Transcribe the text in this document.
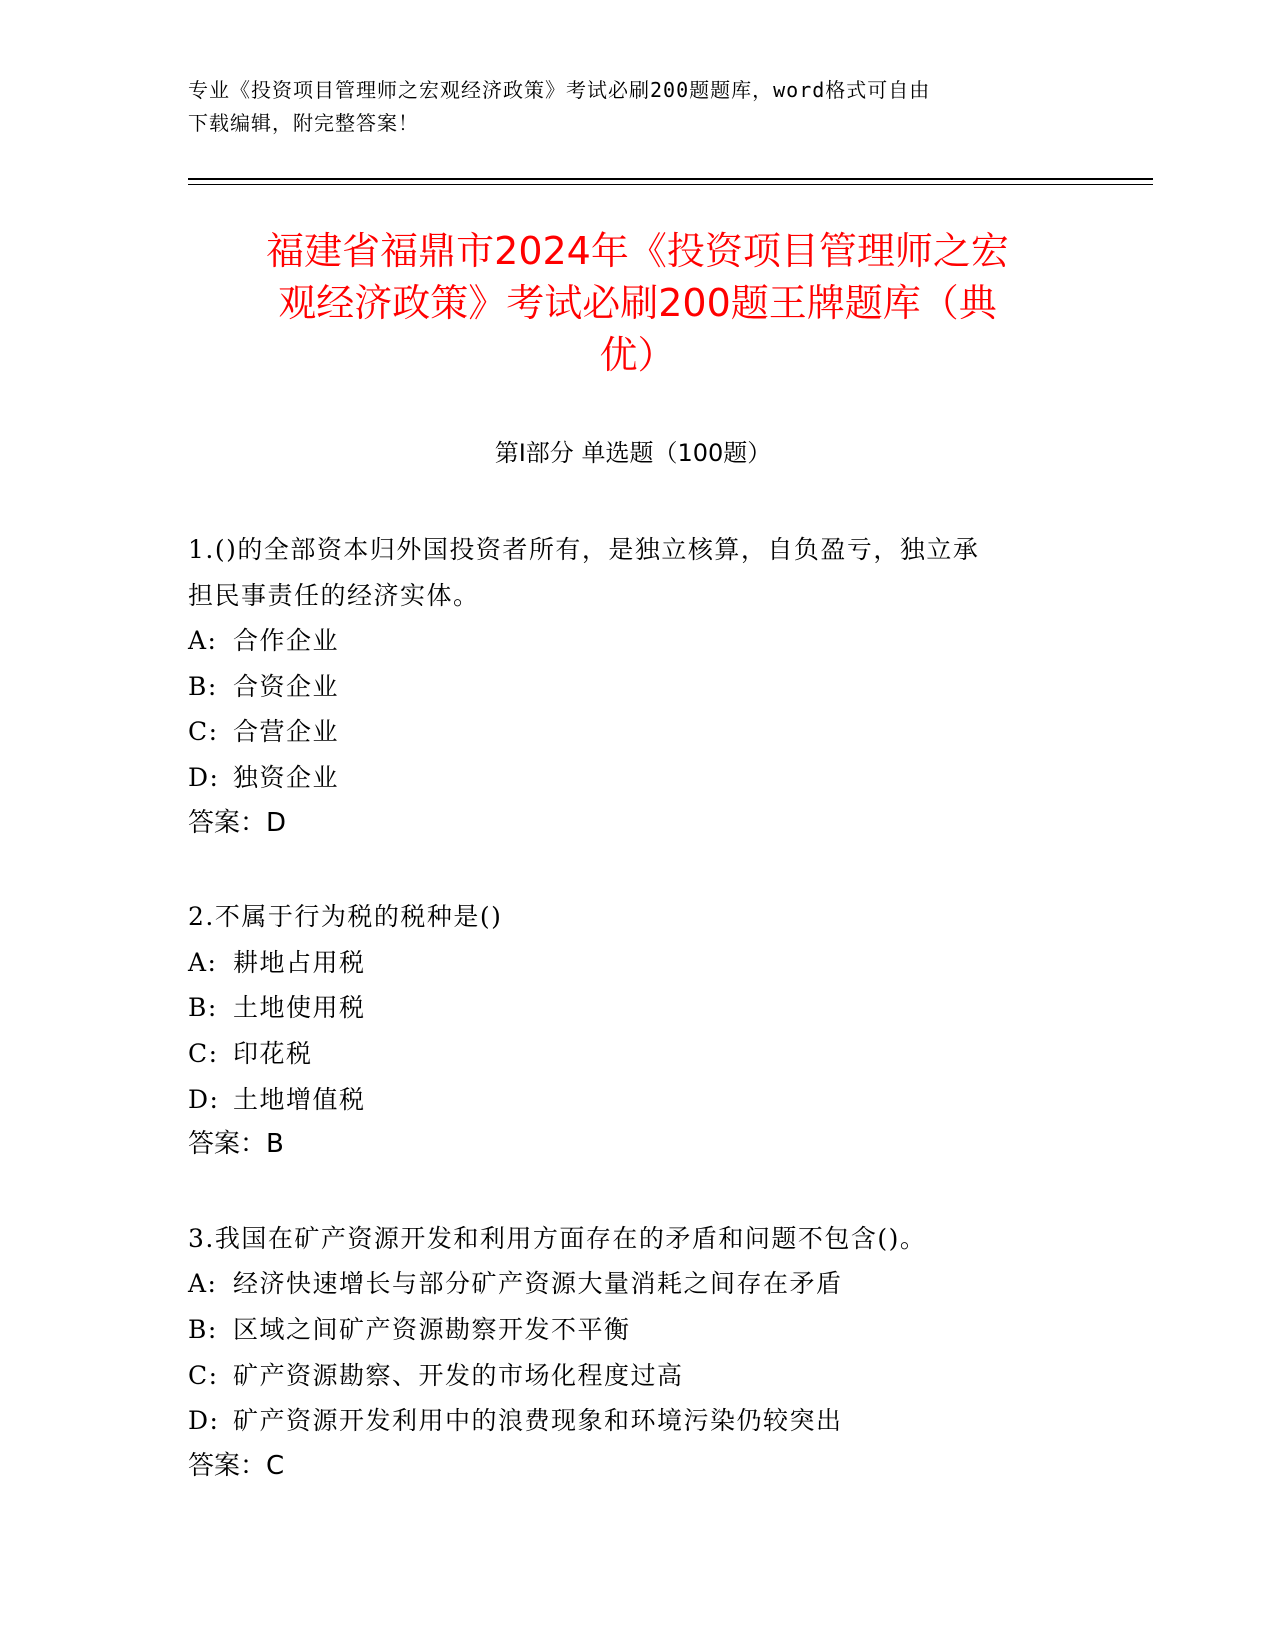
专业《投资项目管理师之宏观经济政策》考试必刷200题题库，word格式可自由
下载编辑，附完整答案！
福建省福鼎市2024年《投资项目管理师之宏
观经济政策》考试必刷200题王牌题库（典
优）
第Ⅰ部分 单选题（100题）
1.()的全部资本归外国投资者所有，是独立核算，自负盈亏，独立承
担民事责任的经济实体。
A: 合作企业
B: 合资企业
C: 合营企业
D: 独资企业
答案：D
2.不属于行为税的税种是()
A: 耕地占用税
B: 土地使用税
C: 印花税
D: 土地增值税
答案：B
3.我国在矿产资源开发和利用方面存在的矛盾和问题不包含()。
A: 经济快速增长与部分矿产资源大量消耗之间存在矛盾
B: 区域之间矿产资源勘察开发不平衡
C: 矿产资源勘察、开发的市场化程度过高
D: 矿产资源开发利用中的浪费现象和环境污染仍较突出
答案：C
